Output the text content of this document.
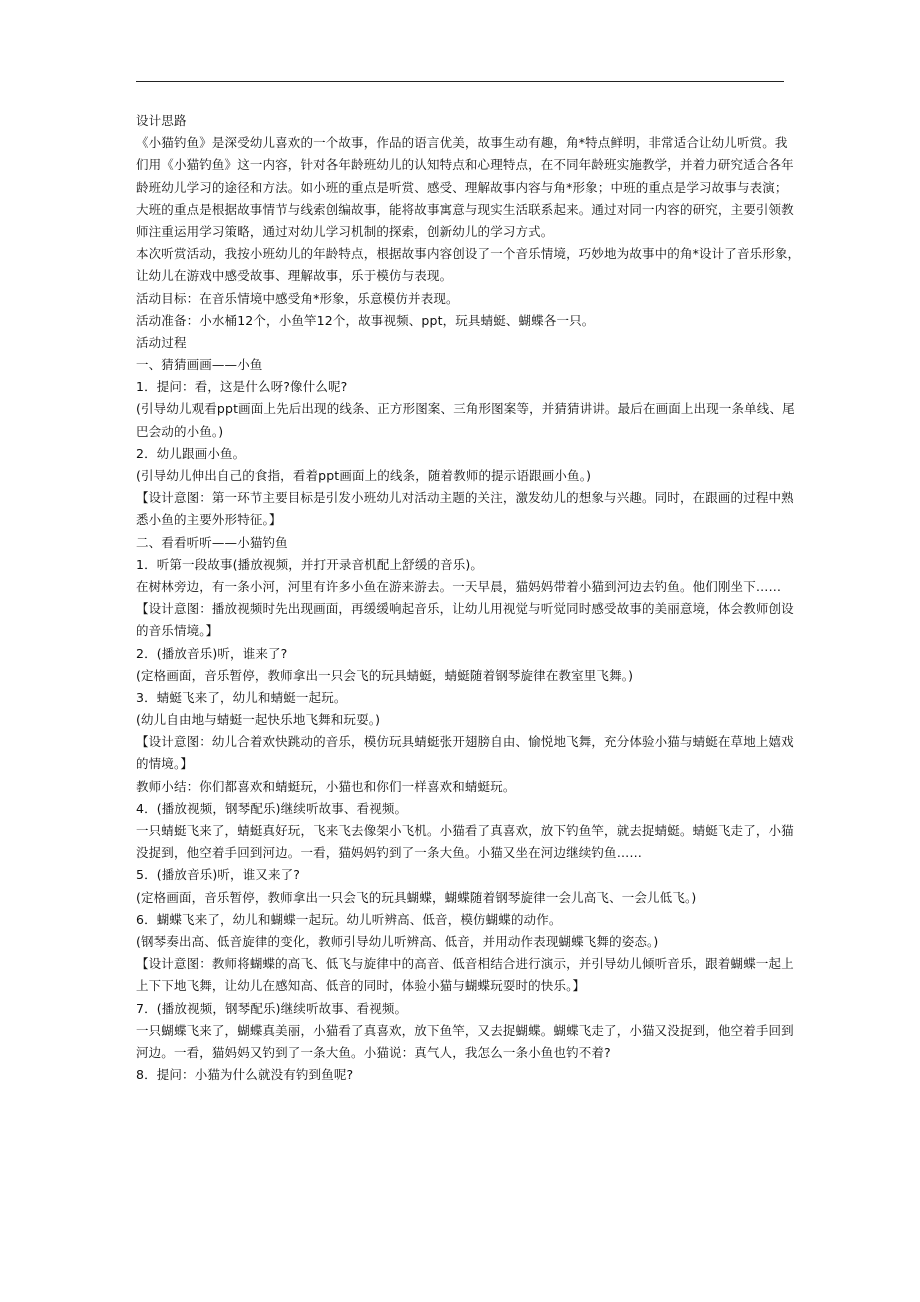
设计思路
《小猫钓鱼》是深受幼儿喜欢的一个故事，作品的语言优美，故事生动有趣，角*特点鲜明，非常适合让幼儿听赏。我
们用《小猫钓鱼》这一内容，针对各年龄班幼儿的认知特点和心理特点，在不同年龄班实施教学，并着力研究适合各年
龄班幼儿学习的途径和方法。如小班的重点是听赏、感受、理解故事内容与角*形象；中班的重点是学习故事与表演；
大班的重点是根据故事情节与线索创编故事，能将故事寓意与现实生活联系起来。通过对同一内容的研究，主要引领教
师注重运用学习策略，通过对幼儿学习机制的探索，创新幼儿的学习方式。
本次听赏活动，我按小班幼儿的年龄特点，根据故事内容创设了一个音乐情境，巧妙地为故事中的角*设计了音乐形象，
让幼儿在游戏中感受故事、理解故事，乐于模仿与表现。
活动目标：在音乐情境中感受角*形象，乐意模仿并表现。
活动准备：小水桶12个，小鱼竿12个，故事视频、ppt，玩具蜻蜓、蝴蝶各一只。
活动过程
一、猜猜画画——小鱼
1．提问：看，这是什么呀?像什么呢?
(引导幼儿观看ppt画面上先后出现的线条、正方形图案、三角形图案等，并猜猜讲讲。最后在画面上出现一条单线、尾
巴会动的小鱼。)
2．幼儿跟画小鱼。
(引导幼儿伸出自己的食指，看着ppt画面上的线条，随着教师的提示语跟画小鱼。)
【设计意图：第一环节主要目标是引发小班幼儿对活动主题的关注，激发幼儿的想象与兴趣。同时，在跟画的过程中熟
悉小鱼的主要外形特征。】
二、看看听听——小猫钓鱼
1．听第一段故事(播放视频，并打开录音机配上舒缓的音乐)。
在树林旁边，有一条小河，河里有许多小鱼在游来游去。一天早晨，猫妈妈带着小猫到河边去钓鱼。他们刚坐下……
【设计意图：播放视频时先出现画面，再缓缓响起音乐，让幼儿用视觉与听觉同时感受故事的美丽意境，体会教师创设
的音乐情境。】
2．(播放音乐)听，谁来了?
(定格画面，音乐暂停，教师拿出一只会飞的玩具蜻蜓，蜻蜓随着钢琴旋律在教室里飞舞。)
3．蜻蜓飞来了，幼儿和蜻蜓一起玩。
(幼儿自由地与蜻蜓一起快乐地飞舞和玩耍。)
【设计意图：幼儿合着欢快跳动的音乐，模仿玩具蜻蜓张开翅膀自由、愉悦地飞舞，充分体验小猫与蜻蜓在草地上嬉戏
的情境。】
教师小结：你们都喜欢和蜻蜓玩，小猫也和你们一样喜欢和蜻蜓玩。
4．(播放视频，钢琴配乐)继续听故事、看视频。
一只蜻蜓飞来了，蜻蜓真好玩，飞来飞去像架小飞机。小猫看了真喜欢，放下钓鱼竿，就去捉蜻蜓。蜻蜓飞走了，小猫
没捉到，他空着手回到河边。一看，猫妈妈钓到了一条大鱼。小猫又坐在河边继续钓鱼……
5．(播放音乐)听，谁又来了?
(定格画面，音乐暂停，教师拿出一只会飞的玩具蝴蝶，蝴蝶随着钢琴旋律一会儿高飞、一会儿低飞。)
6．蝴蝶飞来了，幼儿和蝴蝶一起玩。幼儿听辨高、低音，模仿蝴蝶的动作。
(钢琴奏出高、低音旋律的变化，教师引导幼儿听辨高、低音，并用动作表现蝴蝶飞舞的姿态。)
【设计意图：教师将蝴蝶的高飞、低飞与旋律中的高音、低音相结合进行演示，并引导幼儿倾听音乐，跟着蝴蝶一起上
上下下地飞舞，让幼儿在感知高、低音的同时，体验小猫与蝴蝶玩耍时的快乐。】
7．(播放视频，钢琴配乐)继续听故事、看视频。
一只蝴蝶飞来了，蝴蝶真美丽，小猫看了真喜欢，放下鱼竿，又去捉蝴蝶。蝴蝶飞走了，小猫又没捉到，他空着手回到
河边。一看，猫妈妈又钓到了一条大鱼。小猫说：真气人，我怎么一条小鱼也钓不着?
8．提问：小猫为什么就没有钓到鱼呢?
